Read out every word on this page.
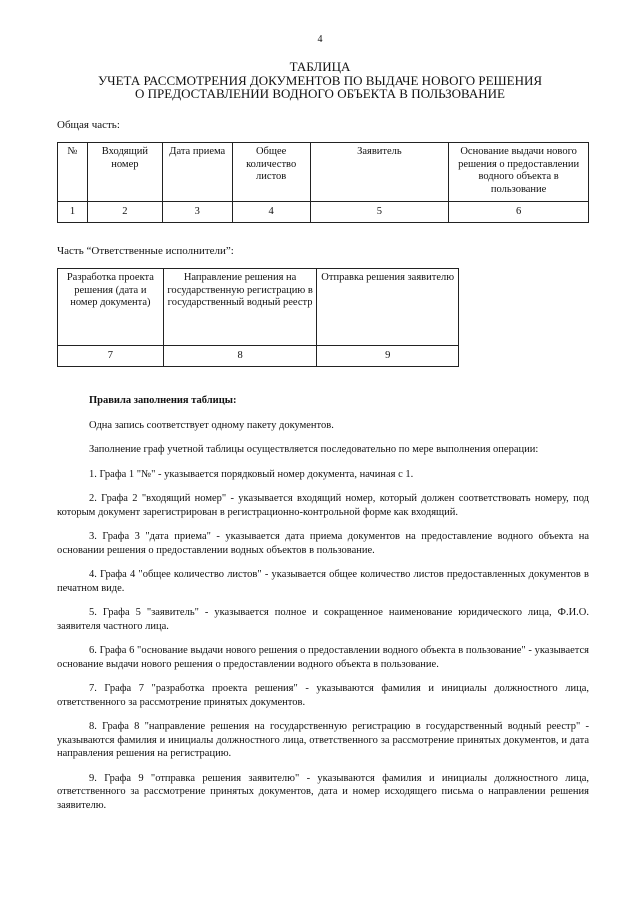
4
ТАБЛИЦА
УЧЕТА РАССМОТРЕНИЯ ДОКУМЕНТОВ ПО ВЫДАЧЕ НОВОГО РЕШЕНИЯ
О ПРЕДОСТАВЛЕНИИ ВОДНОГО ОБЪЕКТА В ПОЛЬЗОВАНИЕ
Общая часть:
№	Входящий номер	Дата приема	Общее количество листов	Заявитель	Основание выдачи нового решения о предоставлении водного объекта в пользование
1	2	3	4	5	6
Часть “Ответственные исполнители”:
Разработка проекта решения (дата и номер документа)	Направление решения на государственную регистрацию в государственный водный реестр	Отправка решения заявителю
7	8	9

Правила заполнения таблицы:

Одна запись соответствует одному пакету документов.

Заполнение граф учетной таблицы осуществляется последовательно по мере выполнения операции:

1. Графа 1 "№" - указывается порядковый номер документа, начиная с 1.

2. Графа 2 "входящий номер" - указывается входящий номер, который должен соответствовать номеру, под которым документ зарегистрирован в регистрационно-контрольной форме как входящий.

3. Графа 3 "дата приема" - указывается дата приема документов на предоставление водного объекта на основании решения о предоставлении водных объектов в пользование.

4. Графа 4 "общее количество листов" - указывается общее количество листов предоставленных документов в печатном виде.

5. Графа 5 "заявитель" - указывается полное и сокращенное наименование юридического лица, Ф.И.О. заявителя частного лица.

6. Графа 6 "основание выдачи нового решения о предоставлении водного объекта в пользование" - указывается основание выдачи нового решения о предоставлении водного объекта в пользование.

7. Графа 7 "разработка проекта решения" - указываются фамилия и инициалы должностного лица, ответственного за рассмотрение принятых документов.

8. Графа 8 "направление решения на государственную регистрацию в государственный водный реестр" - указываются фамилия и инициалы должностного лица, ответственного за рассмотрение принятых документов, и дата направления решения на регистрацию.

9. Графа 9 "отправка решения заявителю" - указываются фамилия и инициалы должностного лица, ответственного за рассмотрение принятых документов, дата и номер исходящего письма о направлении решения заявителю.
